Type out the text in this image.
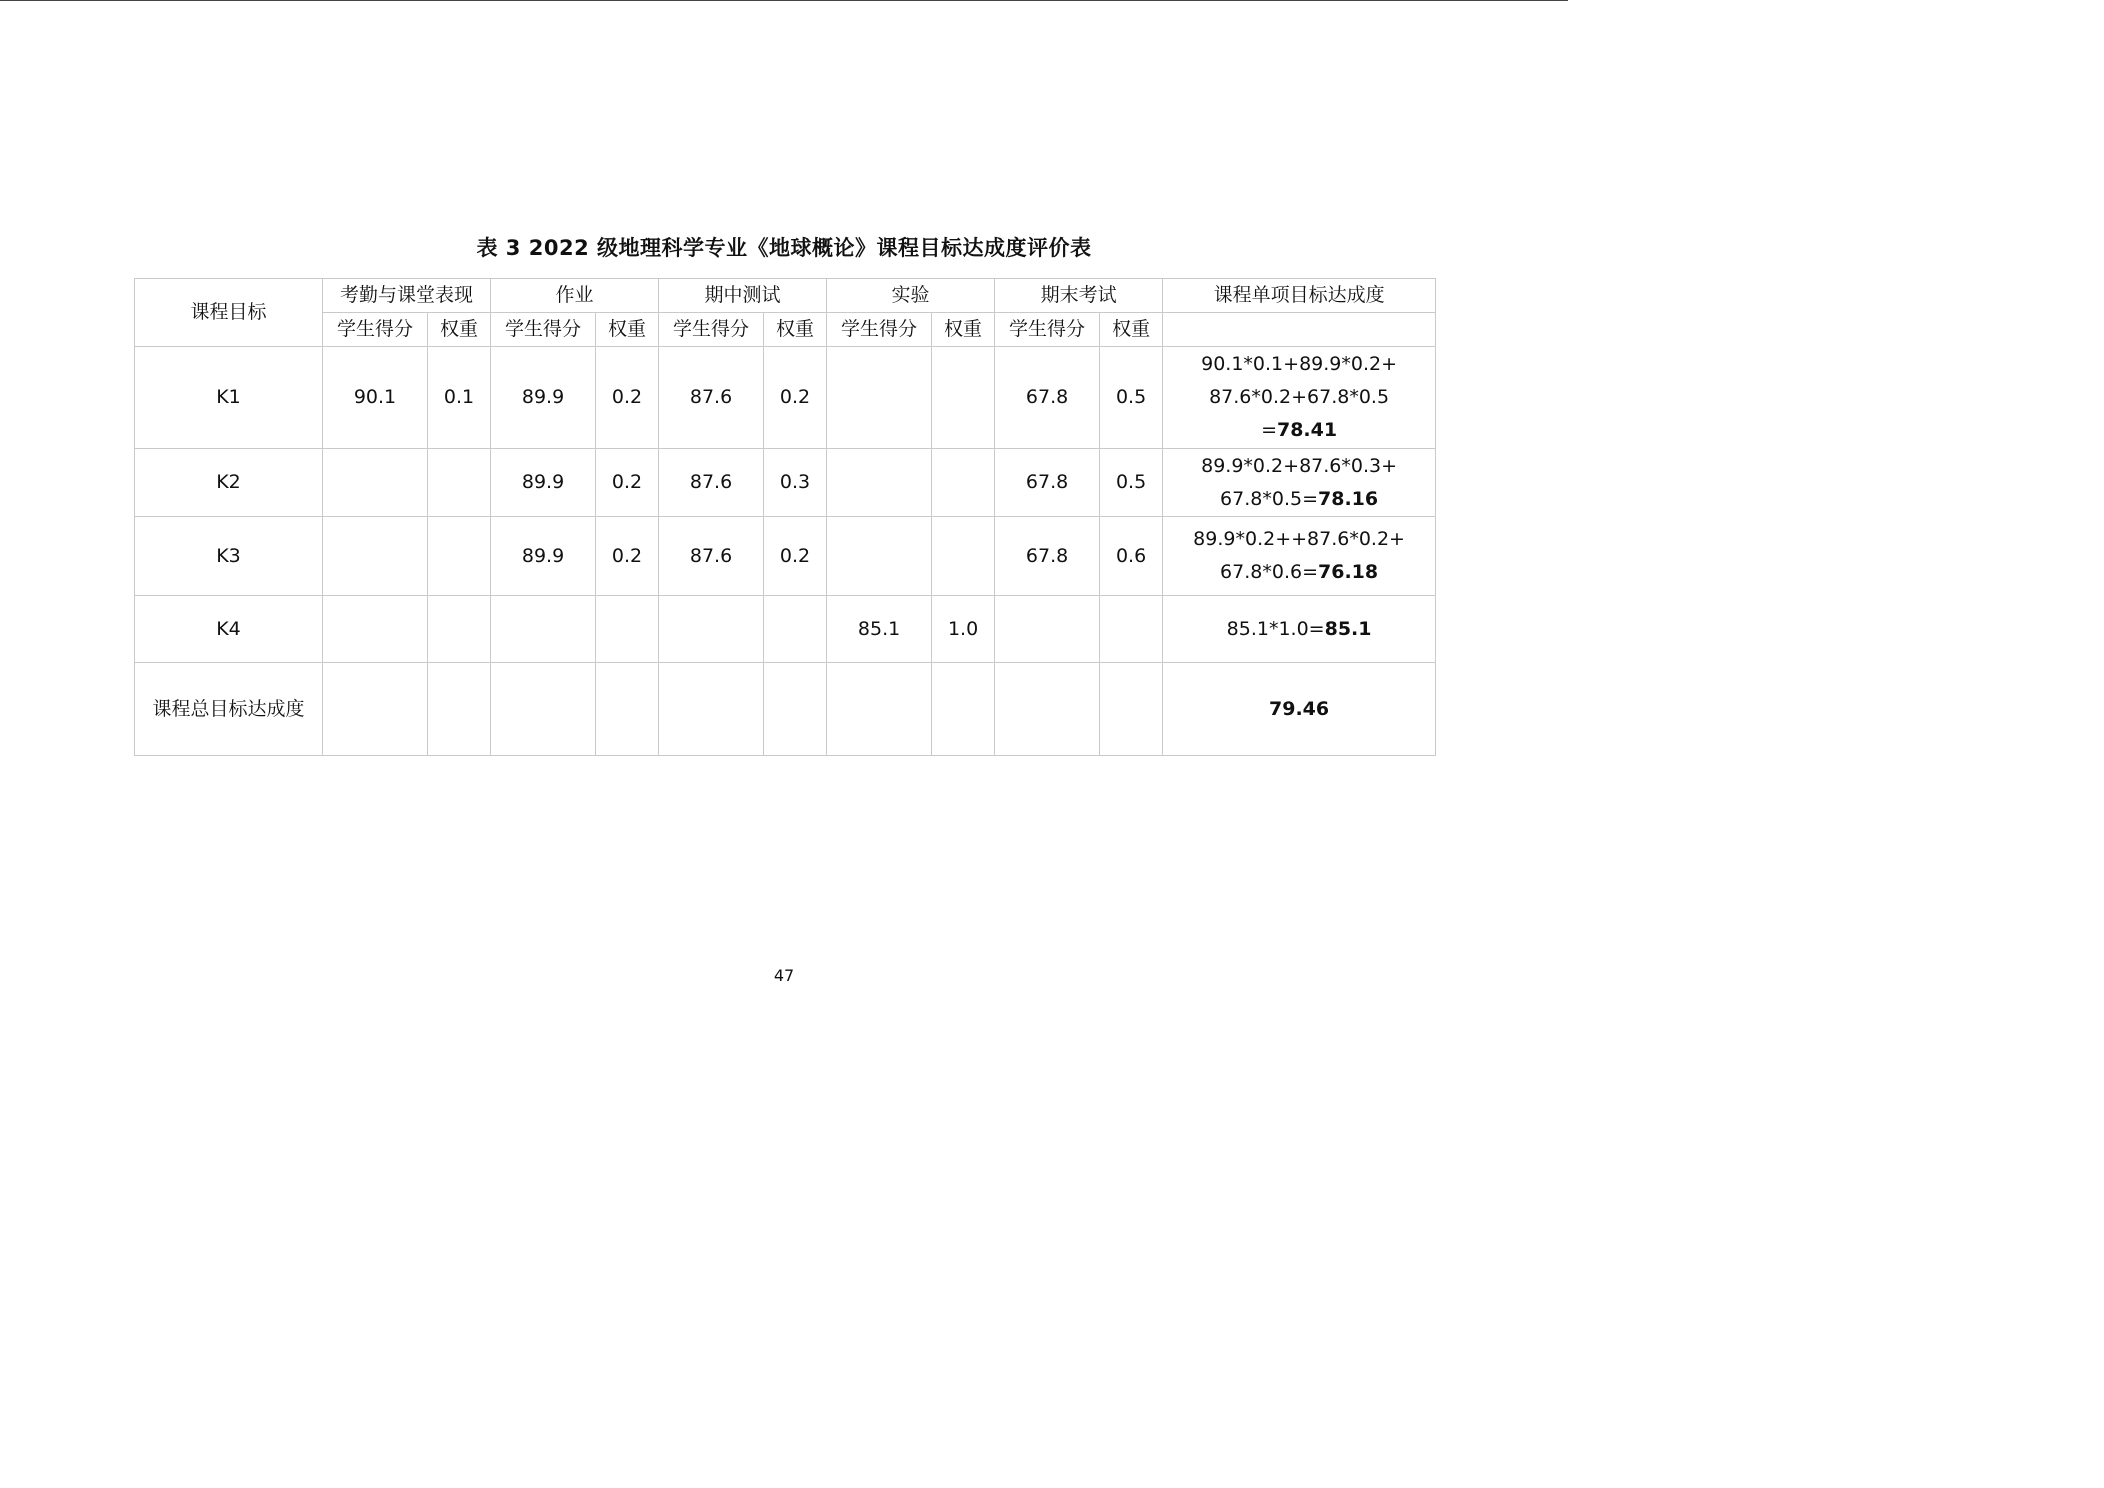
表 3 2022 级地理科学专业《地球概论》课程目标达成度评价表
课程目标	考勤与课堂表现		作业		期中测试		实验		期末考试		课程单项目标达成度
	学生得分	权重	学生得分	权重	学生得分	权重	学生得分	权重	学生得分	权重	
K1	90.1	0.1	89.9	0.2	87.6	0.2			67.8	0.5	90.1*0.1+89.9*0.2+
87.6*0.2+67.8*0.5
=78.41

K2			89.9	0.2	87.6	0.3			67.8	0.5	89.9*0.2+87.6*0.3+
67.8*0.5=78.16

K3			89.9	0.2	87.6	0.2			67.8	0.6	89.9*0.2++87.6*0.2+
67.8*0.6=76.18

K4							85.1	1.0			85.1*1.0=85.1

课程总目标达成度											79.46
47
